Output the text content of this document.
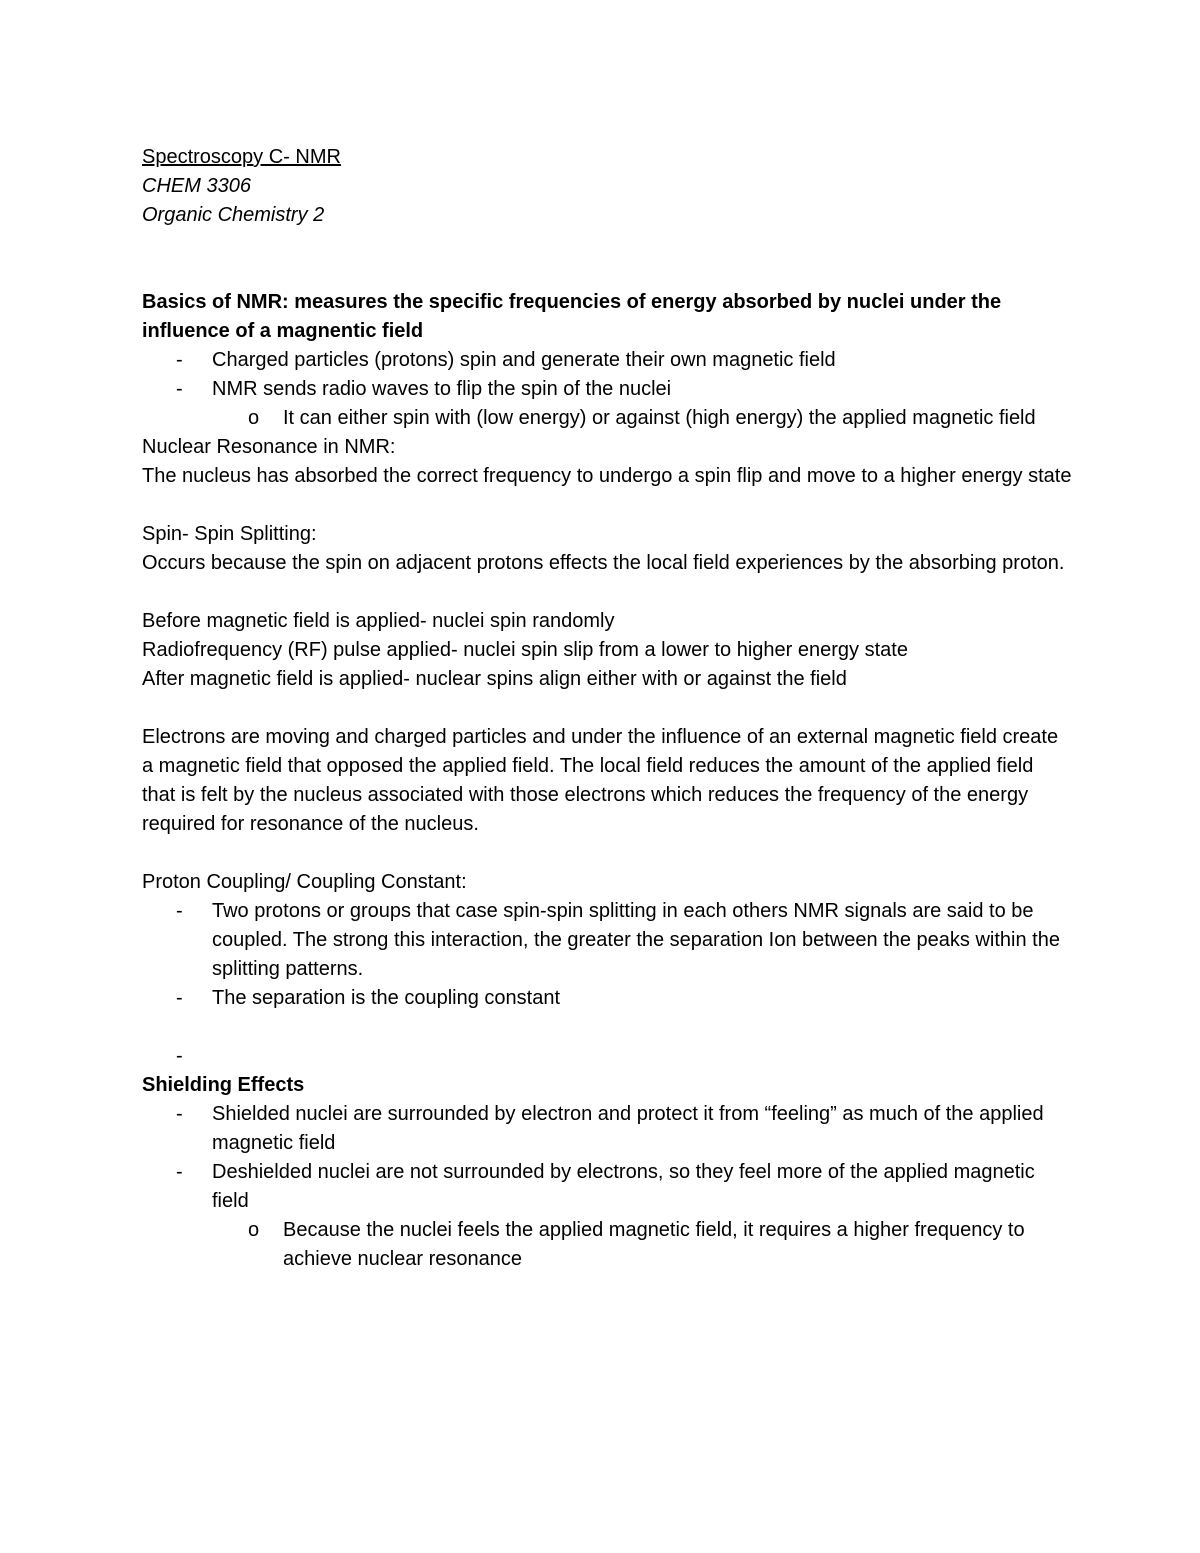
Spectroscopy C- NMR
CHEM 3306
Organic Chemistry 2
Basics of NMR: measures the specific frequencies of energy absorbed by nuclei under the influence of a magnentic field
-	Charged particles (protons) spin and generate their own magnetic field
-	NMR sends radio waves to flip the spin of the nuclei
o	It can either spin with (low energy) or against (high energy) the applied magnetic field
Nuclear Resonance in NMR:
The nucleus has absorbed the correct frequency to undergo a spin flip and move to a higher energy state
Spin- Spin Splitting:
Occurs because the spin on adjacent protons effects the local field experiences by the absorbing proton.
Before magnetic field is applied- nuclei spin randomly
Radiofrequency (RF) pulse applied- nuclei spin slip from a lower to higher energy state
After magnetic field is applied- nuclear spins align either with or against the field
Electrons are moving and charged particles and under the influence of an external magnetic field create a magnetic field that opposed the applied field. The local field reduces the amount of the applied field that is felt by the nucleus associated with those electrons which reduces the frequency of the energy required for resonance of the nucleus.
Proton Coupling/ Coupling Constant:
-	Two protons or groups that case spin-spin splitting in each others NMR signals are said to be coupled. The strong this interaction, the greater the separation Ion between the peaks within the splitting patterns.
-	The separation is the coupling constant
-
Shielding Effects
-	Shielded nuclei are surrounded by electron and protect it from “feeling” as much of the applied magnetic field
-	Deshielded nuclei are not surrounded by electrons, so they feel more of the applied magnetic field
o	Because the nuclei feels the applied magnetic field, it requires a higher frequency to achieve nuclear resonance
